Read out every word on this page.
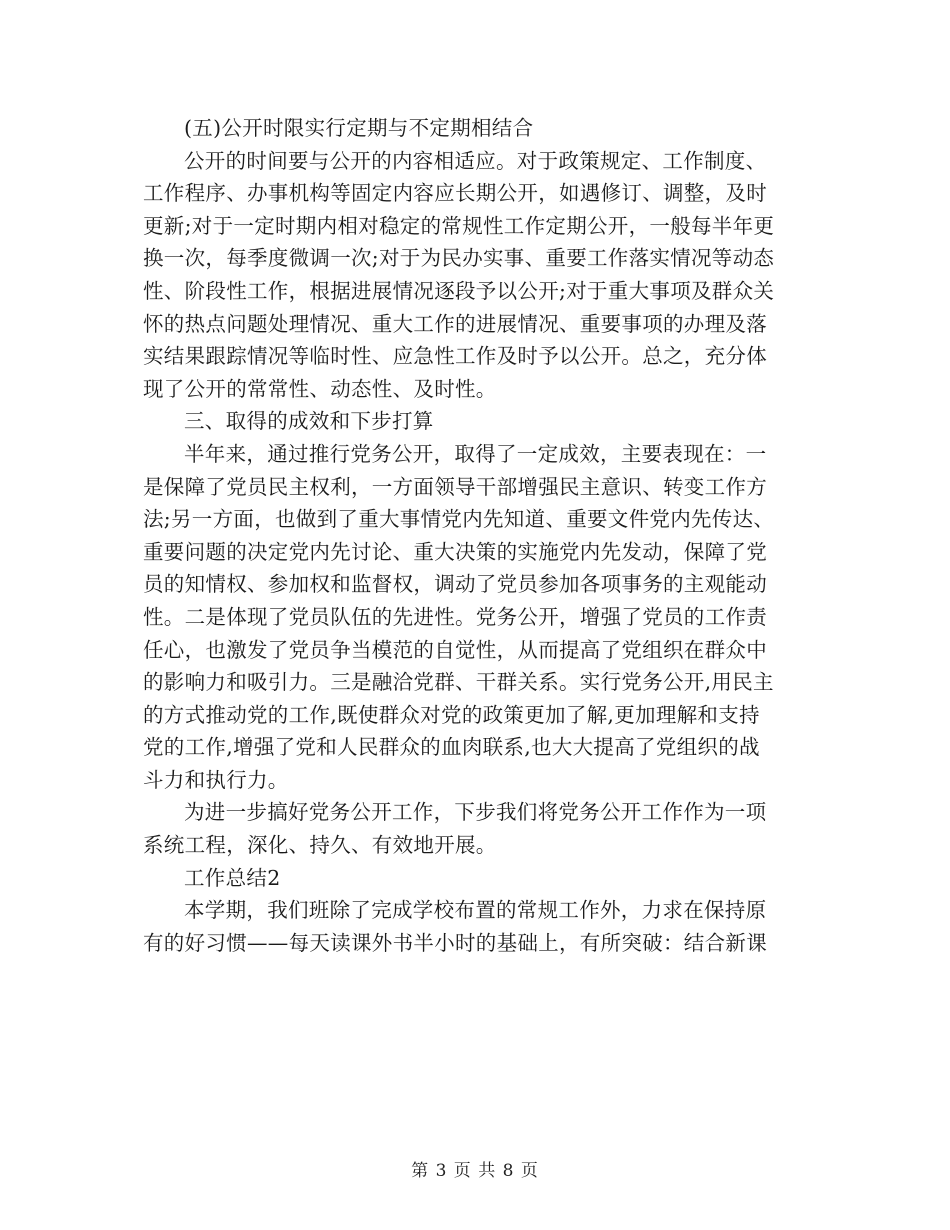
(五)公开时限实行定期与不定期相结合
公开的时间要与公开的内容相适应。对于政策规定、工作制度、
工作程序、办事机构等固定内容应长期公开，如遇修订、调整，及时
更新;对于一定时期内相对稳定的常规性工作定期公开，一般每半年更
换一次，每季度微调一次;对于为民办实事、重要工作落实情况等动态
性、阶段性工作，根据进展情况逐段予以公开;对于重大事项及群众关
怀的热点问题处理情况、重大工作的进展情况、重要事项的办理及落
实结果跟踪情况等临时性、应急性工作及时予以公开。总之，充分体
现了公开的常常性、动态性、及时性。
三、取得的成效和下步打算
半年来，通过推行党务公开，取得了一定成效，主要表现在：一
是保障了党员民主权利，一方面领导干部增强民主意识、转变工作方
法;另一方面，也做到了重大事情党内先知道、重要文件党内先传达、
重要问题的决定党内先讨论、重大决策的实施党内先发动，保障了党
员的知情权、参加权和监督权，调动了党员参加各项事务的主观能动
性。二是体现了党员队伍的先进性。党务公开，增强了党员的工作责
任心，也激发了党员争当模范的自觉性，从而提高了党组织在群众中
的影响力和吸引力。三是融洽党群、干群关系。实行党务公开,用民主
的方式推动党的工作,既使群众对党的政策更加了解,更加理解和支持
党的工作,增强了党和人民群众的血肉联系,也大大提高了党组织的战
斗力和执行力。
为进一步搞好党务公开工作，下步我们将党务公开工作作为一项
系统工程，深化、持久、有效地开展。
工作总结2
本学期，我们班除了完成学校布置的常规工作外，力求在保持原
有的好习惯——每天读课外书半小时的基础上，有所突破：结合新课
第 3 页 共 8 页
